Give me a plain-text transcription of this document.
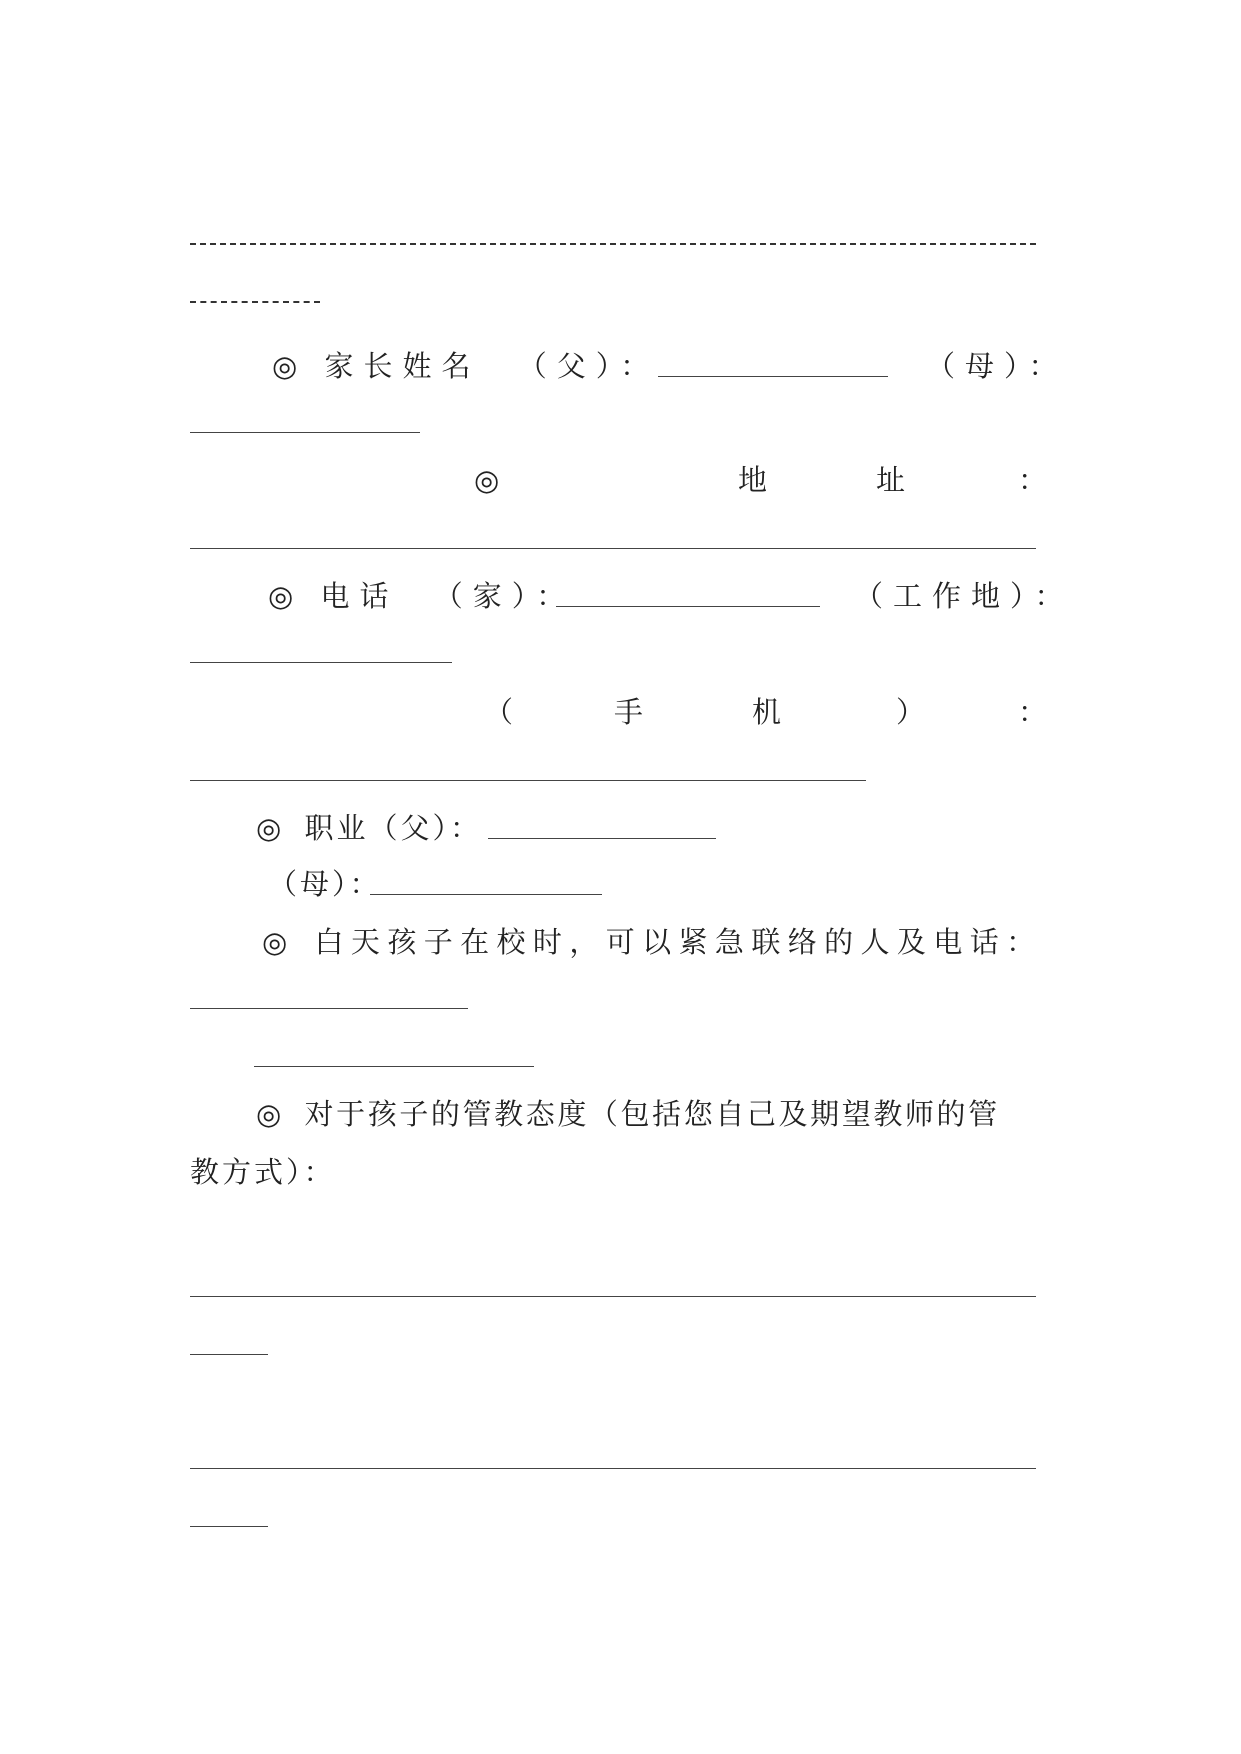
◎ 家长姓名 （父）：	（母）：
◎	地	址	：
◎ 电话 （家）：	（工作地）：
（	手	机	）	：
◎ 职业（父）：
（母）：
◎ 白天孩子在校时，可以紧急联络的人及电话：
◎ 对于孩子的管教态度（包括您自己及期望教师的管
教方式）：
